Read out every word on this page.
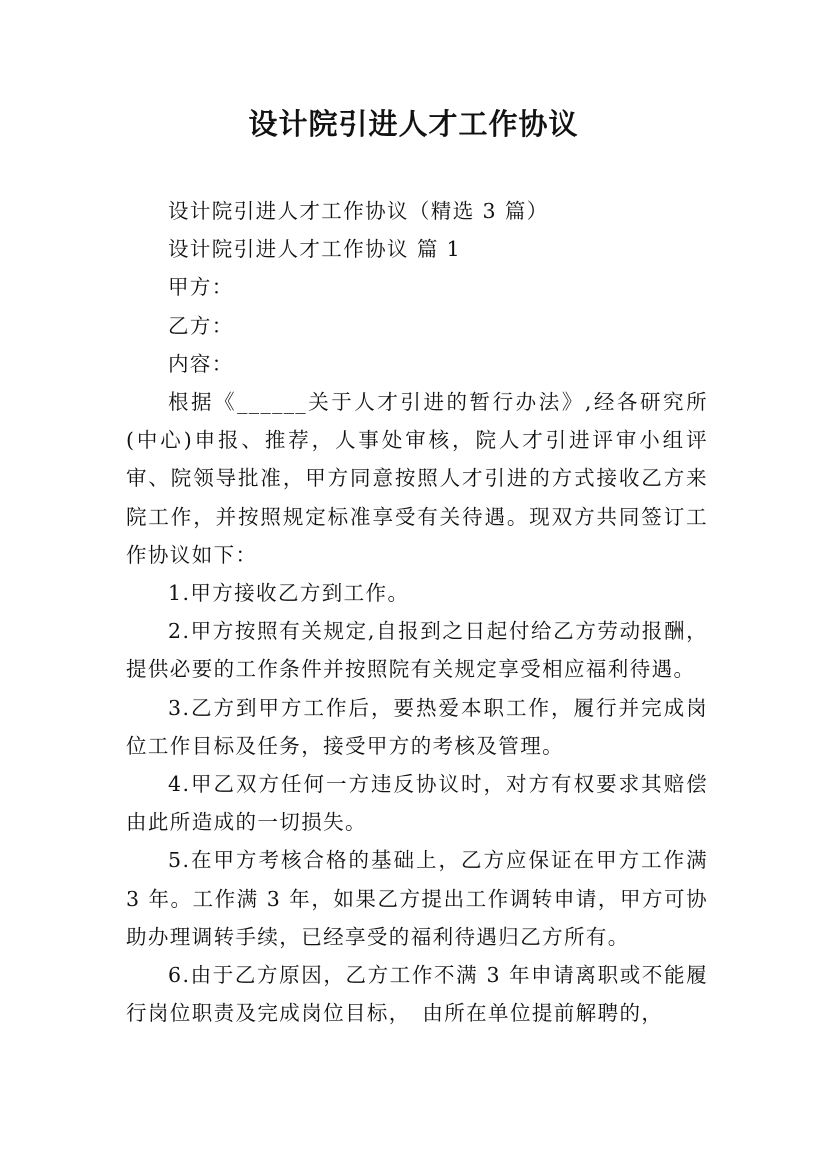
设计院引进人才工作协议

设计院引进人才工作协议（精选 3 篇）

设计院引进人才工作协议 篇 1

甲方：

乙方：

内容：

根据《______关于人才引进的暂行办法》,经各研究所(中心)申报、推荐，人事处审核，院人才引进评审小组评审、院领导批准，甲方同意按照人才引进的方式接收乙方来院工作，并按照规定标准享受有关待遇。现双方共同签订工作协议如下：

1.甲方接收乙方到工作。

2.甲方按照有关规定,自报到之日起付给乙方劳动报酬，提供必要的工作条件并按照院有关规定享受相应福利待遇。

3.乙方到甲方工作后，要热爱本职工作，履行并完成岗位工作目标及任务，接受甲方的考核及管理。

4.甲乙双方任何一方违反协议时，对方有权要求其赔偿由此所造成的一切损失。

5.在甲方考核合格的基础上，乙方应保证在甲方工作满 3 年。工作满 3 年，如果乙方提出工作调转申请，甲方可协助办理调转手续，已经享受的福利待遇归乙方所有。

6.由于乙方原因，乙方工作不满 3 年申请离职或不能履行岗位职责及完成岗位目标，　由所在单位提前解聘的，
